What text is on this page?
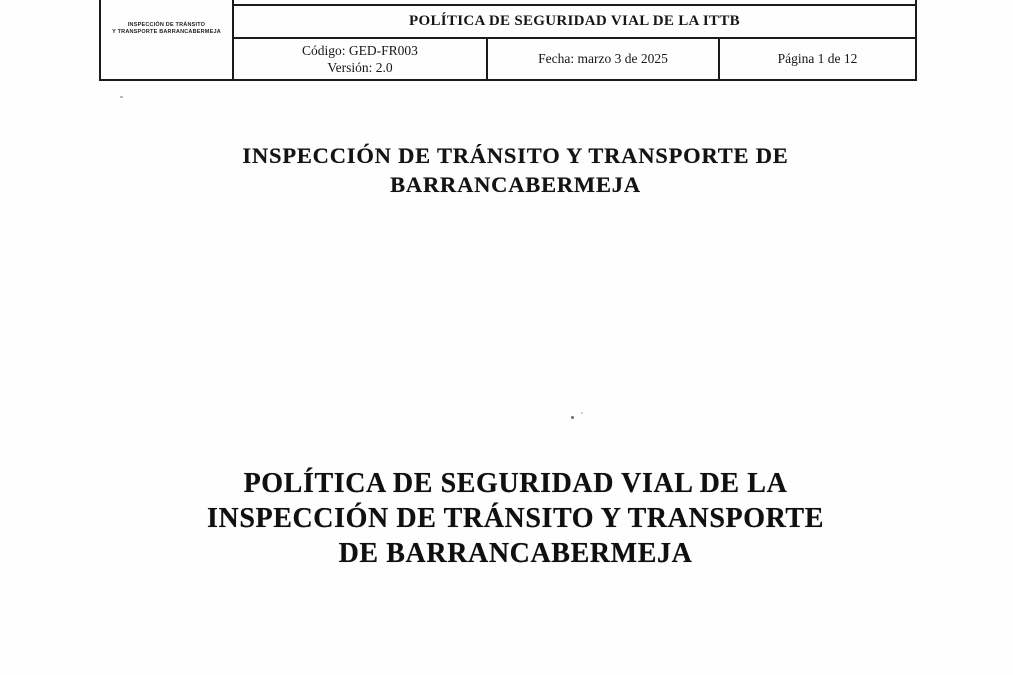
INSPECCIÓN DE TRÁNSITO
Y TRANSPORTE BARRANCABERMEJA
POLÍTICA DE SEGURIDAD VIAL DE LA ITTB
Código: GED-FR003
Versión: 2.0
Fecha: marzo 3 de 2025	Página 1 de 12
INSPECCIÓN DE TRÁNSITO Y TRANSPORTE DE
BARRANCABERMEJA
POLÍTICA DE SEGURIDAD VIAL DE LA
INSPECCIÓN DE TRÁNSITO Y TRANSPORTE
DE BARRANCABERMEJA
